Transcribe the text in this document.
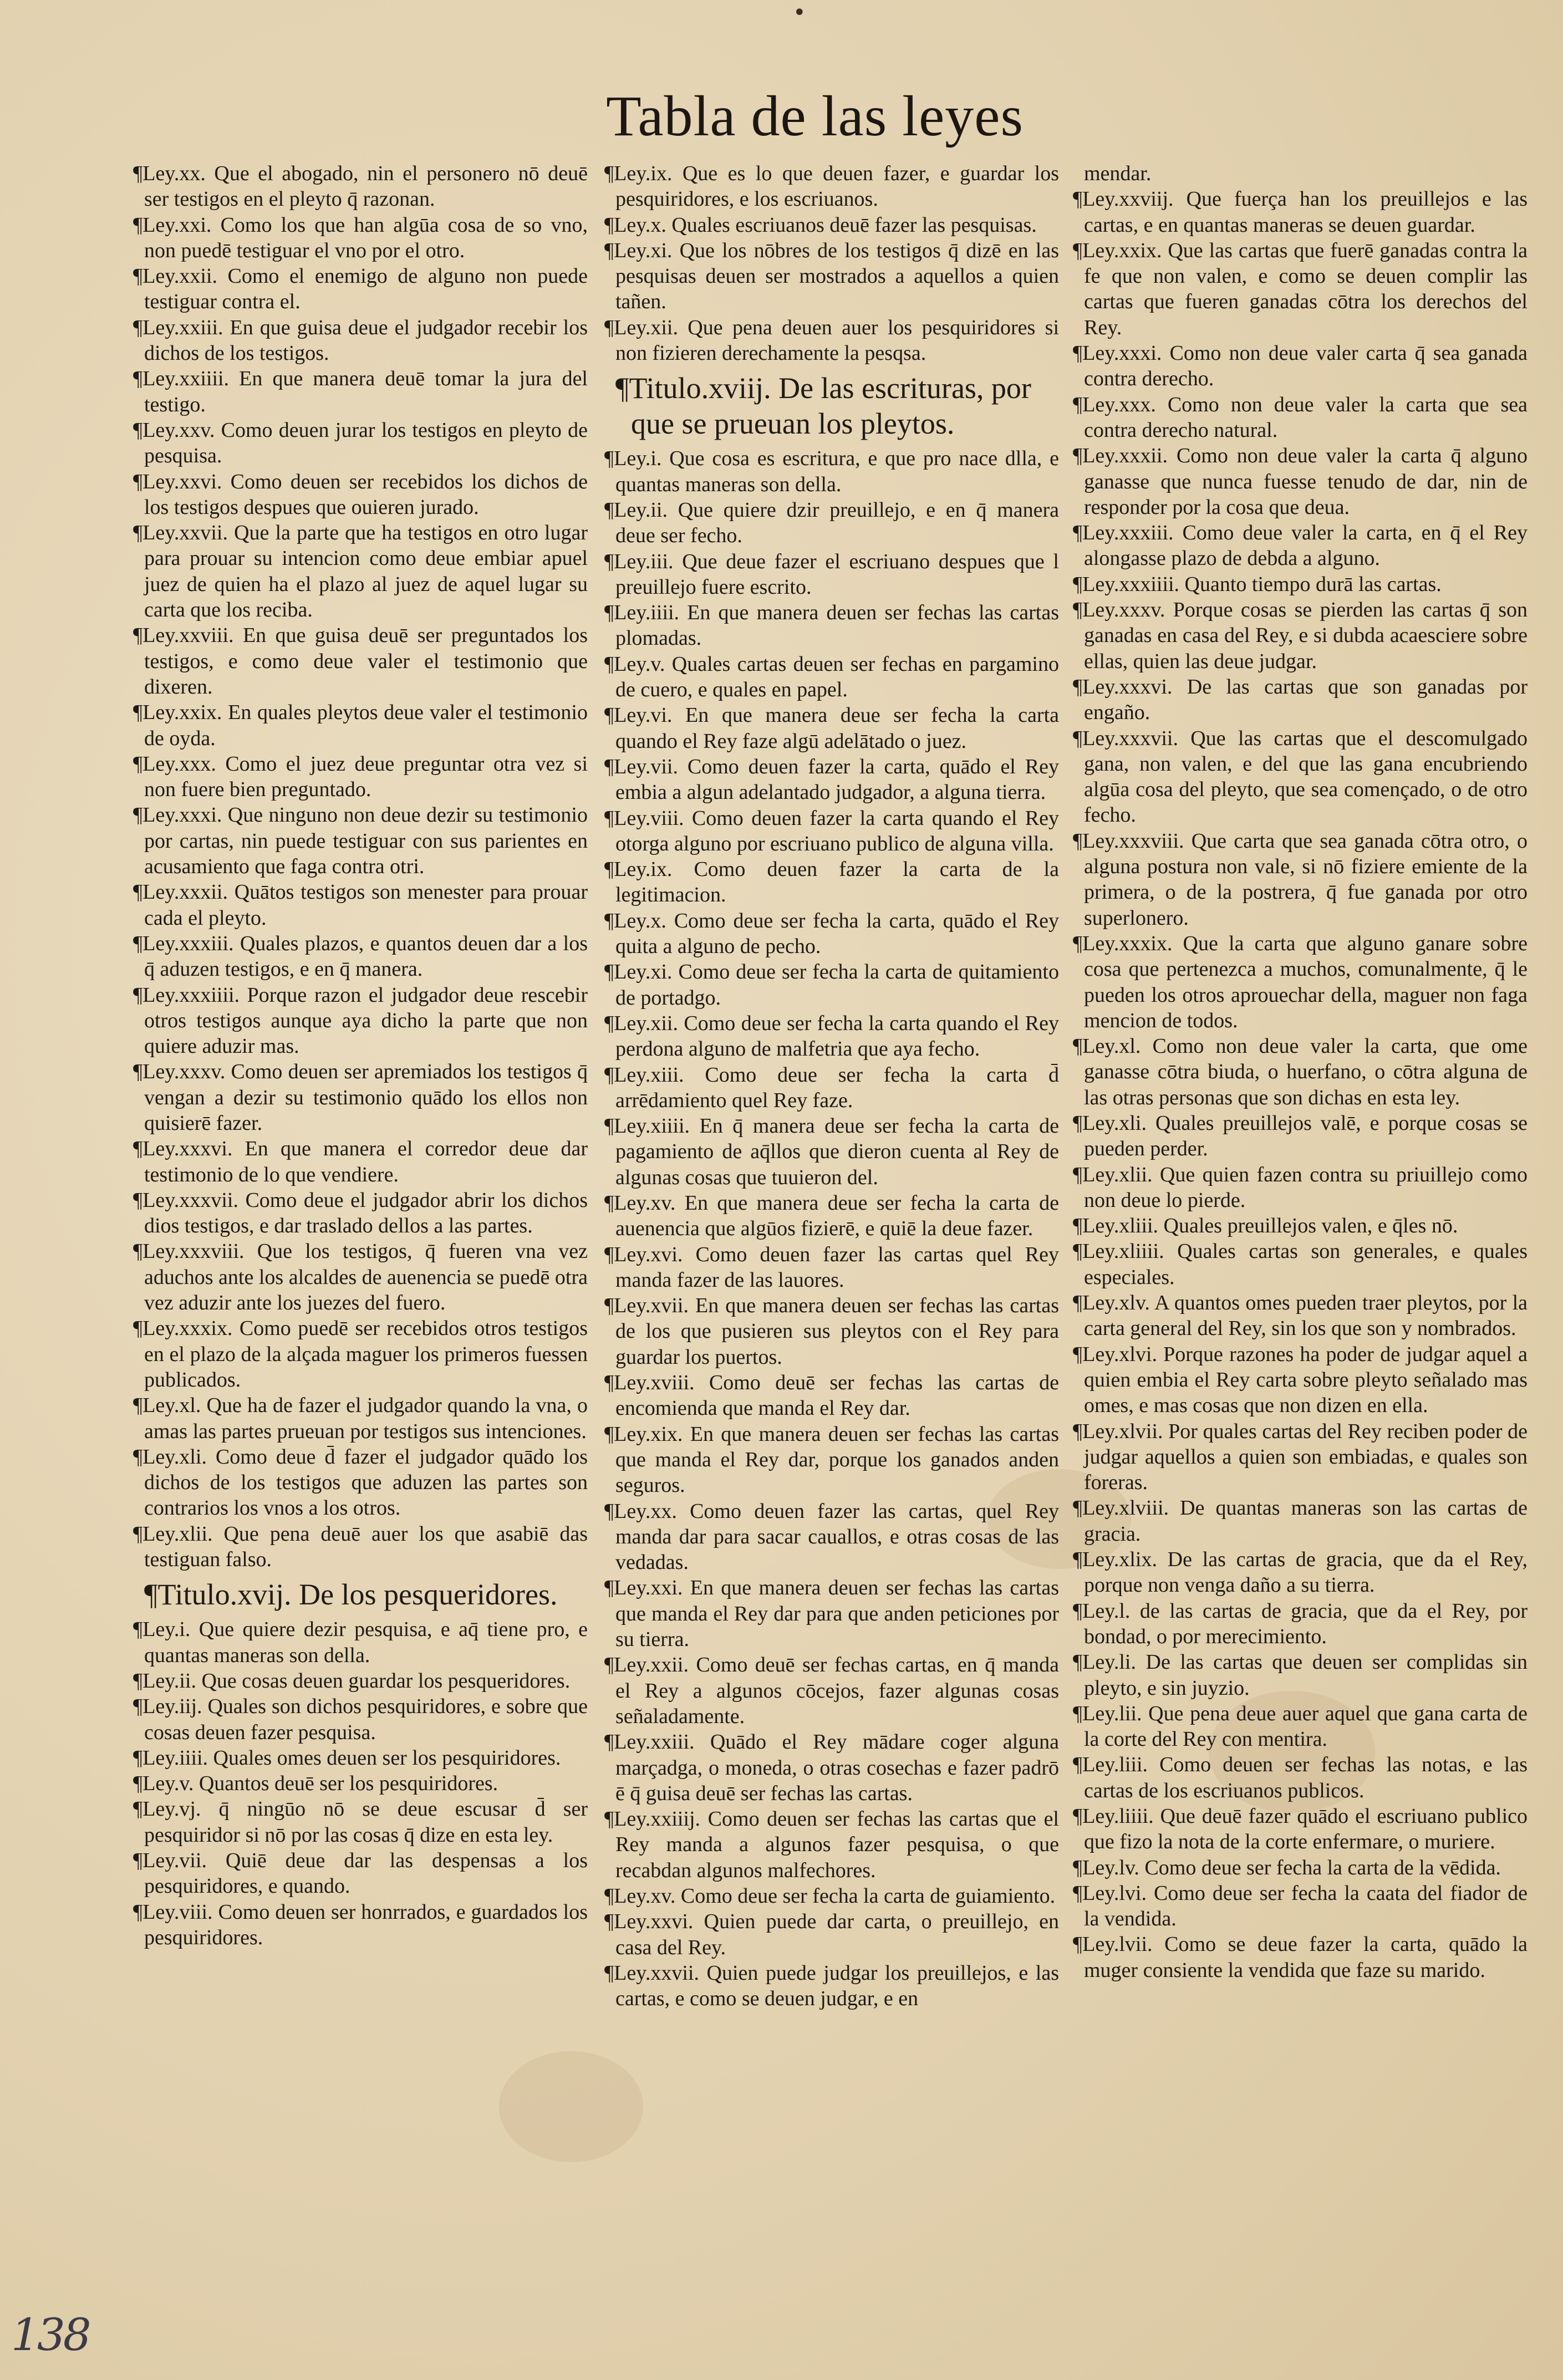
•
Tabla de las leyes

¶Ley.xx. Que el abogado, nin el personero nō deuē ser testigos en el pleyto q̄ razonan.

¶Ley.xxi. Como los que han algūa cosa de so vno, non puedē testiguar el vno por el otro.

¶Ley.xxii. Como el enemigo de alguno non puede testiguar contra el.

¶Ley.xxiii. En que guisa deue el judgador recebir los dichos de los testigos.

¶Ley.xxiiii. En que manera deuē tomar la jura del testigo.

¶Ley.xxv. Como deuen jurar los testigos en pleyto de pesquisa.

¶Ley.xxvi. Como deuen ser recebidos los dichos de los testigos despues que ouieren jurado.

¶Ley.xxvii. Que la parte que ha testigos en otro lugar para prouar su intencion como deue embiar apuel juez de quien ha el plazo al juez de aquel lugar su carta que los reciba.

¶Ley.xxviii. En que guisa deuē ser preguntados los testigos, e como deue valer el testimonio que dixeren.

¶Ley.xxix. En quales pleytos deue valer el testimonio de oyda.

¶Ley.xxx. Como el juez deue preguntar otra vez si non fuere bien preguntado.

¶Ley.xxxi. Que ninguno non deue dezir su testimonio por cartas, nin puede testiguar con sus parientes en acusamiento que faga contra otri.

¶Ley.xxxii. Quātos testigos son menester para prouar cada el pleyto.

¶Ley.xxxiii. Quales plazos, e quantos deuen dar a los q̄ aduzen testigos, e en q̄ manera.

¶Ley.xxxiiii. Porque razon el judgador deue rescebir otros testigos aunque aya dicho la parte que non quiere aduzir mas.

¶Ley.xxxv. Como deuen ser apremiados los testigos q̄ vengan a dezir su testimonio quādo los ellos non quisierē fazer.

¶Ley.xxxvi. En que manera el corredor deue dar testimonio de lo que vendiere.

¶Ley.xxxvii. Como deue el judgador abrir los dichos dios testigos, e dar traslado dellos a las partes.

¶Ley.xxxviii. Que los testigos, q̄ fueren vna vez aduchos ante los alcaldes de auenencia se puedē otra vez aduzir ante los juezes del fuero.

¶Ley.xxxix. Como puedē ser recebidos otros testigos en el plazo de la alçada maguer los primeros fuessen publicados.

¶Ley.xl. Que ha de fazer el judgador quando la vna, o amas las partes prueuan por testigos sus intenciones.

¶Ley.xli. Como deue d̄ fazer el judgador quādo los dichos de los testigos que aduzen las partes son contrarios los vnos a los otros.

¶Ley.xlii. Que pena deuē auer los que asabiē das testiguan falso.

¶Titulo.xvij. De los pesqueridores.

¶Ley.i. Que quiere dezir pesquisa, e aq̄ tiene pro, e quantas maneras son della.

¶Ley.ii. Que cosas deuen guardar los pesqueridores.

¶Ley.iij. Quales son dichos pesquiridores, e sobre que cosas deuen fazer pesquisa.

¶Ley.iiii. Quales omes deuen ser los pesquiridores.

¶Ley.v. Quantos deuē ser los pesquiridores.

¶Ley.vj. q̄ ningūo nō se deue escusar d̄ ser pesquiridor si nō por las cosas q̄ dize en esta ley.

¶Ley.vii. Quiē deue dar las despensas a los pesquiridores, e quando.

¶Ley.viii. Como deuen ser honrrados, e guardados los pesquiridores.

¶Ley.ix. Que es lo que deuen fazer, e guardar los pesquiridores, e los escriuanos.

¶Ley.x. Quales escriuanos deuē fazer las pesquisas.

¶Ley.xi. Que los nōbres de los testigos q̄ dizē en las pesquisas deuen ser mostrados a aquellos a quien tañen.

¶Ley.xii. Que pena deuen auer los pesquiridores si non fizieren derechamente la pesqsa.

¶Titulo.xviij. De las escrituras, por que se prueuan los pleytos.

¶Ley.i. Que cosa es escritura, e que pro nace dlla, e quantas maneras son della.

¶Ley.ii. Que quiere dzir preuillejo, e en q̄ manera deue ser fecho.

¶Ley.iii. Que deue fazer el escriuano despues que l preuillejo fuere escrito.

¶Ley.iiii. En que manera deuen ser fechas las cartas plomadas.

¶Ley.v. Quales cartas deuen ser fechas en pargamino de cuero, e quales en papel.

¶Ley.vi. En que manera deue ser fecha la carta quando el Rey faze algū adelātado o juez.

¶Ley.vii. Como deuen fazer la carta, quādo el Rey embia a algun adelantado judgador, a alguna tierra.

¶Ley.viii. Como deuen fazer la carta quando el Rey otorga alguno por escriuano publico de alguna villa.

¶Ley.ix. Como deuen fazer la carta de la legitimacion.

¶Ley.x. Como deue ser fecha la carta, quādo el Rey quita a alguno de pecho.

¶Ley.xi. Como deue ser fecha la carta de quitamiento de portadgo.

¶Ley.xii. Como deue ser fecha la carta quando el Rey perdona alguno de malfetria que aya fecho.

¶Ley.xiii. Como deue ser fecha la carta d̄ arrēdamiento quel Rey faze.

¶Ley.xiiii. En q̄ manera deue ser fecha la carta de pagamiento de aq̄llos que dieron cuenta al Rey de algunas cosas que tuuieron del.

¶Ley.xv. En que manera deue ser fecha la carta de auenencia que algūos fizierē, e quiē la deue fazer.

¶Ley.xvi. Como deuen fazer las cartas quel Rey manda fazer de las lauores.

¶Ley.xvii. En que manera deuen ser fechas las cartas de los que pusieren sus pleytos con el Rey para guardar los puertos.

¶Ley.xviii. Como deuē ser fechas las cartas de encomienda que manda el Rey dar.

¶Ley.xix. En que manera deuen ser fechas las cartas que manda el Rey dar, porque los ganados anden seguros.

¶Ley.xx. Como deuen fazer las cartas, quel Rey manda dar para sacar cauallos, e otras cosas de las vedadas.

¶Ley.xxi. En que manera deuen ser fechas las cartas que manda el Rey dar para que anden peticiones por su tierra.

¶Ley.xxii. Como deuē ser fechas cartas, en q̄ manda el Rey a algunos cōcejos, fazer algunas cosas señaladamente.

¶Ley.xxiii. Quādo el Rey mādare coger alguna marçadga, o moneda, o otras cosechas e fazer padrō ē q̄ guisa deuē ser fechas las cartas.

¶Ley.xxiiij. Como deuen ser fechas las cartas que el Rey manda a algunos fazer pesquisa, o que recabdan algunos malfechores.

¶Ley.xv. Como deue ser fecha la carta de guiamiento.

¶Ley.xxvi. Quien puede dar carta, o preuillejo, en casa del Rey.

¶Ley.xxvii. Quien puede judgar los preuillejos, e las cartas, e como se deuen judgar, e en

mendar.

¶Ley.xxviij. Que fuerça han los preuillejos e las cartas, e en quantas maneras se deuen guardar.

¶Ley.xxix. Que las cartas que fuerē ganadas contra la fe que non valen, e como se deuen complir las cartas que fueren ganadas cōtra los derechos del Rey.

¶Ley.xxxi. Como non deue valer carta q̄ sea ganada contra derecho.

¶Ley.xxx. Como non deue valer la carta que sea contra derecho natural.

¶Ley.xxxii. Como non deue valer la carta q̄ alguno ganasse que nunca fuesse tenudo de dar, nin de responder por la cosa que deua.

¶Ley.xxxiii. Como deue valer la carta, en q̄ el Rey alongasse plazo de debda a alguno.

¶Ley.xxxiiii. Quanto tiempo durā las cartas.

¶Ley.xxxv. Porque cosas se pierden las cartas q̄ son ganadas en casa del Rey, e si dubda acaesciere sobre ellas, quien las deue judgar.

¶Ley.xxxvi. De las cartas que son ganadas por engaño.

¶Ley.xxxvii. Que las cartas que el descomulgado gana, non valen, e del que las gana encubriendo algūa cosa del pleyto, que sea començado, o de otro fecho.

¶Ley.xxxviii. Que carta que sea ganada cōtra otro, o alguna postura non vale, si nō fiziere emiente de la primera, o de la postrera, q̄ fue ganada por otro superlonero.

¶Ley.xxxix. Que la carta que alguno ganare sobre cosa que pertenezca a muchos, comunalmente, q̄ le pueden los otros aprouechar della, maguer non faga mencion de todos.

¶Ley.xl. Como non deue valer la carta, que ome ganasse cōtra biuda, o huerfano, o cōtra alguna de las otras personas que son dichas en esta ley.

¶Ley.xli. Quales preuillejos valē, e porque cosas se pueden perder.

¶Ley.xlii. Que quien fazen contra su priuillejo como non deue lo pierde.

¶Ley.xliii. Quales preuillejos valen, e q̄les nō.

¶Ley.xliiii. Quales cartas son generales, e quales especiales.

¶Ley.xlv. A quantos omes pueden traer pleytos, por la carta general del Rey, sin los que son y nombrados.

¶Ley.xlvi. Porque razones ha poder de judgar aquel a quien embia el Rey carta sobre pleyto señalado mas omes, e mas cosas que non dizen en ella.

¶Ley.xlvii. Por quales cartas del Rey reciben poder de judgar aquellos a quien son embiadas, e quales son foreras.

¶Ley.xlviii. De quantas maneras son las cartas de gracia.

¶Ley.xlix. De las cartas de gracia, que da el Rey, porque non venga daño a su tierra.

¶Ley.l. de las cartas de gracia, que da el Rey, por bondad, o por merecimiento.

¶Ley.li. De las cartas que deuen ser complidas sin pleyto, e sin juyzio.

¶Ley.lii. Que pena deue auer aquel que gana carta de la corte del Rey con mentira.

¶Ley.liii. Como deuen ser fechas las notas, e las cartas de los escriuanos publicos.

¶Ley.liiii. Que deuē fazer quādo el escriuano publico que fizo la nota de la corte enfermare, o muriere.

¶Ley.lv. Como deue ser fecha la carta de la vēdida.

¶Ley.lvi. Como deue ser fecha la caata del fiador de la vendida.

¶Ley.lvii. Como se deue fazer la carta, quādo la muger consiente la vendida que faze su marido.

138
